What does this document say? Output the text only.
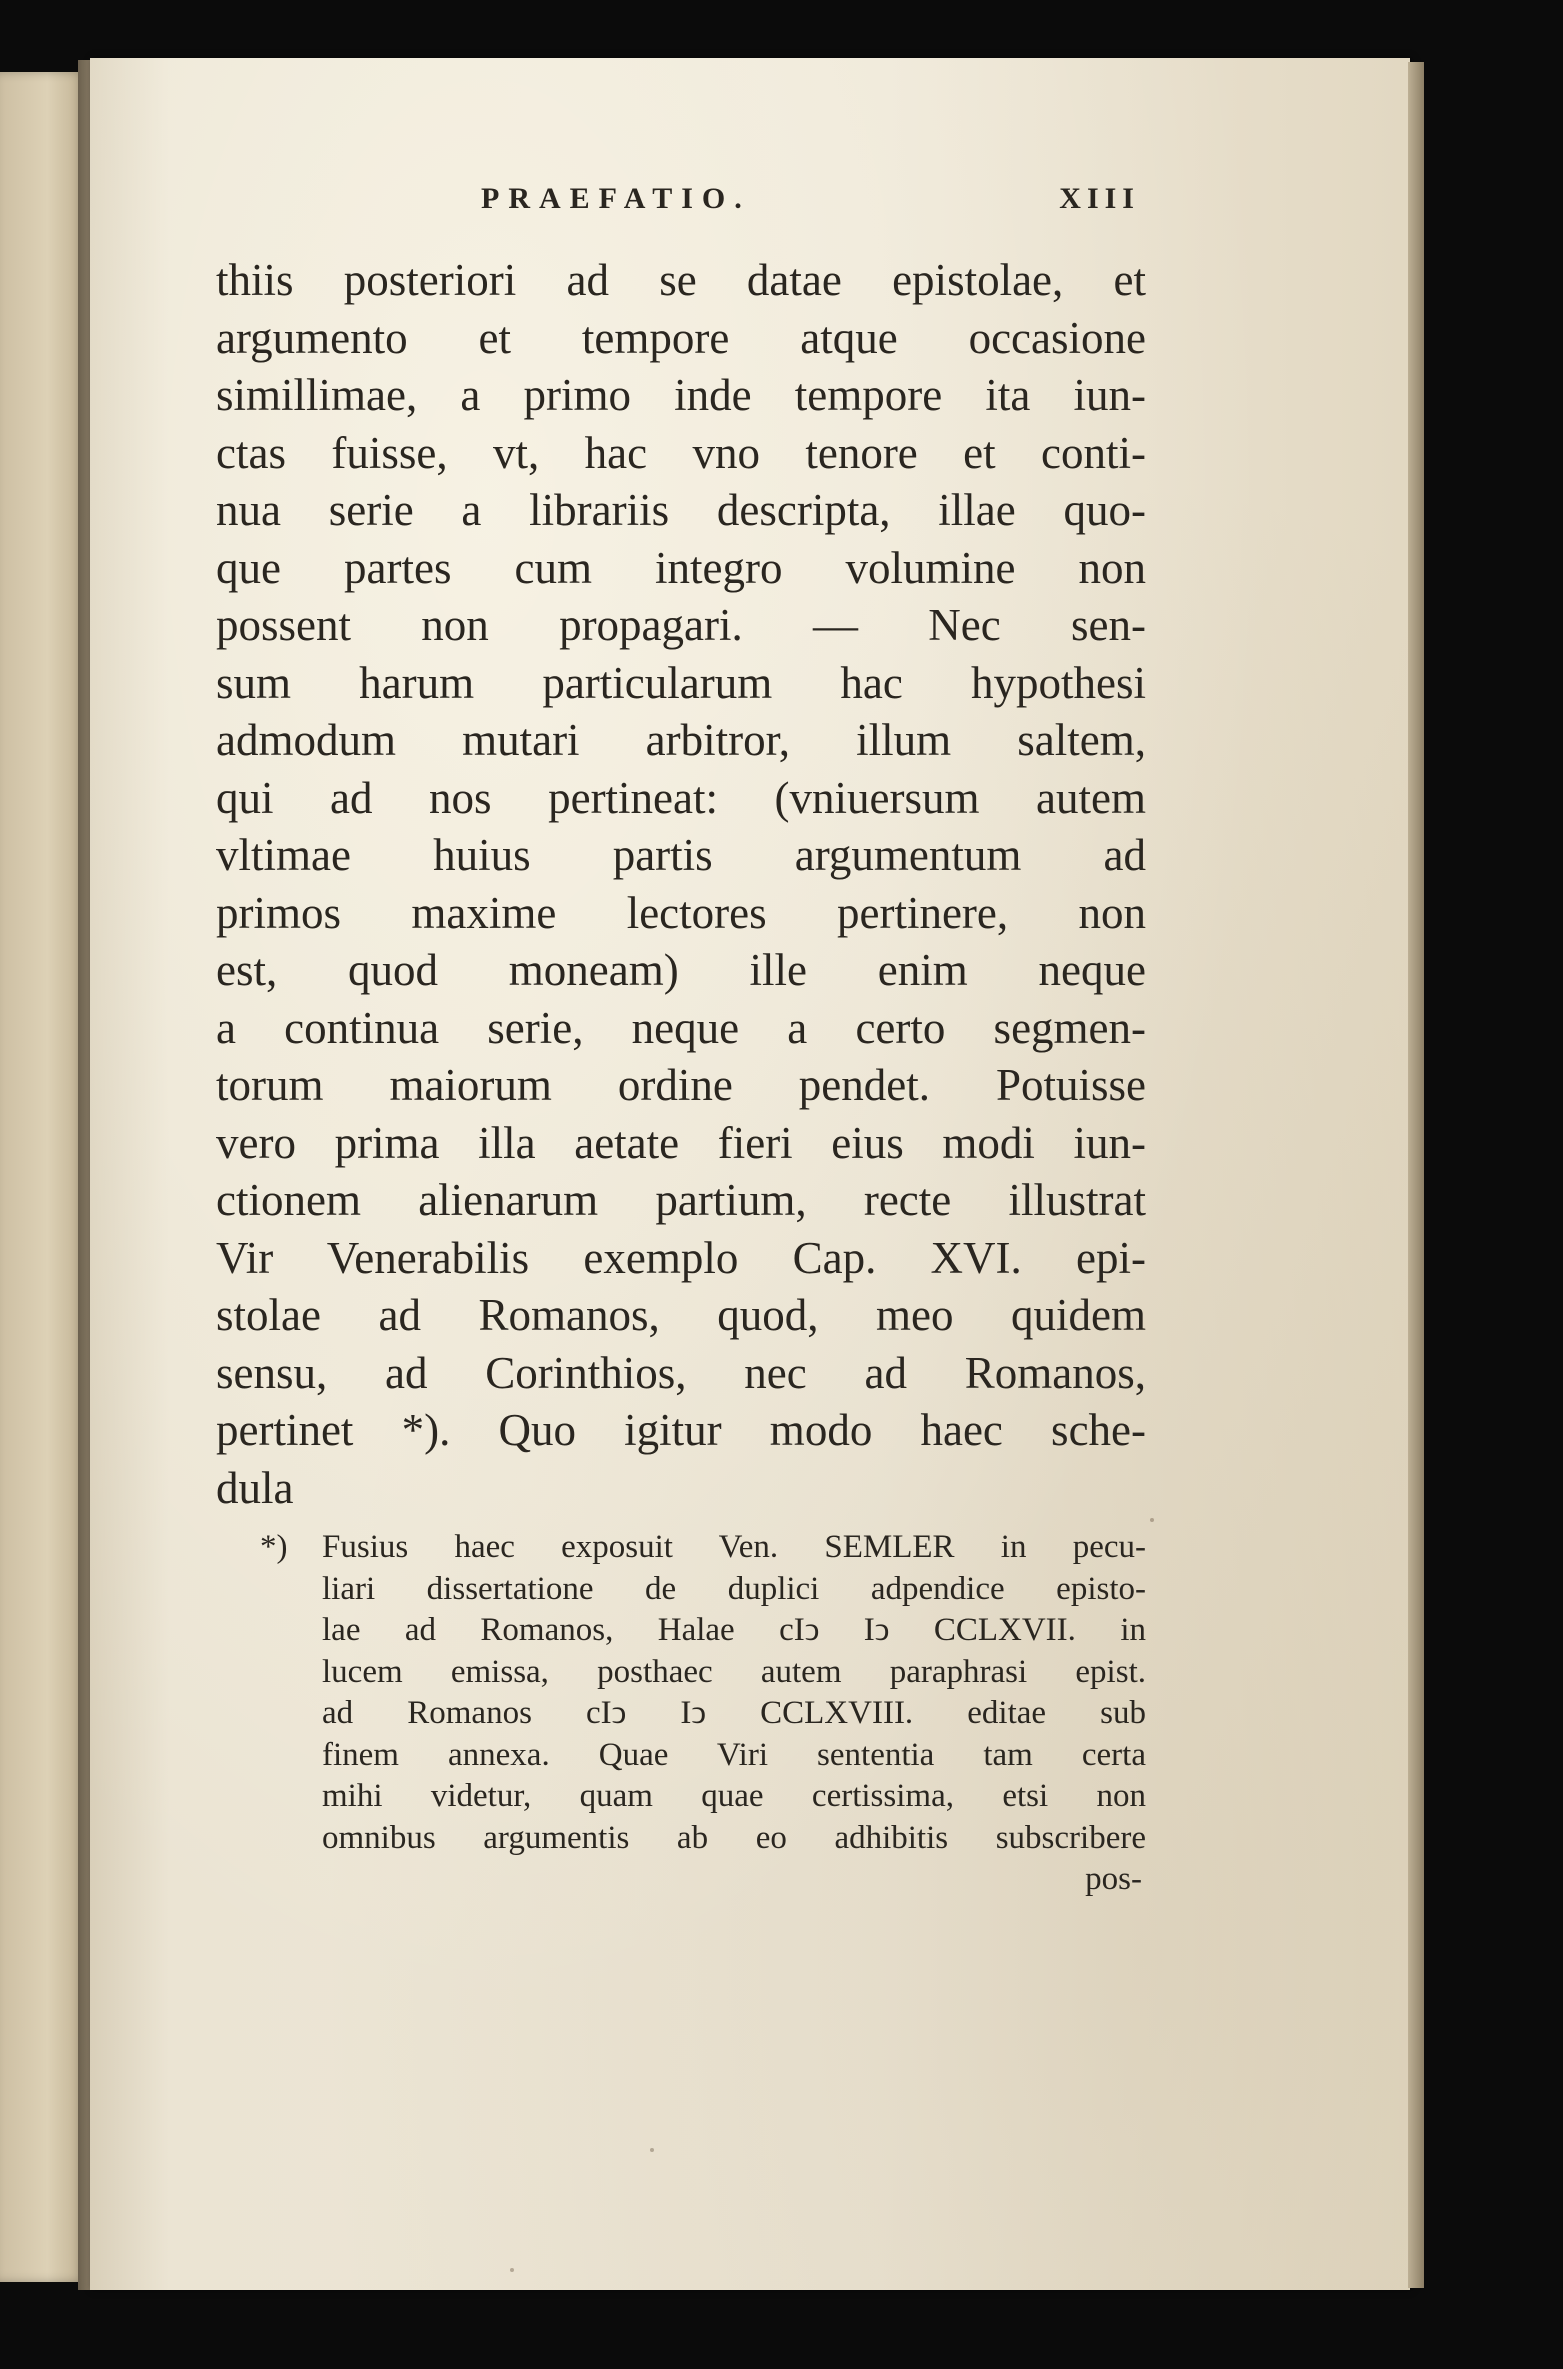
PRAEFATIO.	XIII
thiis posteriori ad se datae epistolae, et
argumento et tempore atque occasione
simillimae, a primo inde tempore ita iun-
ctas fuisse, vt, hac vno tenore et conti-
nua serie a librariis descripta, illae quo-
que partes cum integro volumine non
possent non propagari. — Nec sen-
sum harum particularum hac hypothesi
admodum mutari arbitror, illum saltem,
qui ad nos pertineat: (vniuersum autem
vltimae huius partis argumentum ad
primos maxime lectores pertinere, non
est, quod moneam) ille enim neque
a continua serie, neque a certo segmen-
torum maiorum ordine pendet. Potuisse
vero prima illa aetate fieri eius modi iun-
ctionem alienarum partium, recte illustrat
Vir Venerabilis exemplo Cap. XVI. epi-
stolae ad Romanos, quod, meo quidem
sensu, ad Corinthios, nec ad Romanos,
pertinet *). Quo igitur modo haec sche-
dula
*) Fusius haec exposuit Ven. SEMLER in pecu-
liari dissertatione de duplici adpendice episto-
lae ad Romanos, Halae cIↄ Iↄ CCLXVII. in
lucem emissa, posthaec autem paraphrasi epist.
ad Romanos cIↄ Iↄ CCLXVIII. editae sub
finem annexa. Quae Viri sententia tam certa
mihi videtur, quam quae certissima, etsi non
omnibus argumentis ab eo adhibitis subscribere
pos-
